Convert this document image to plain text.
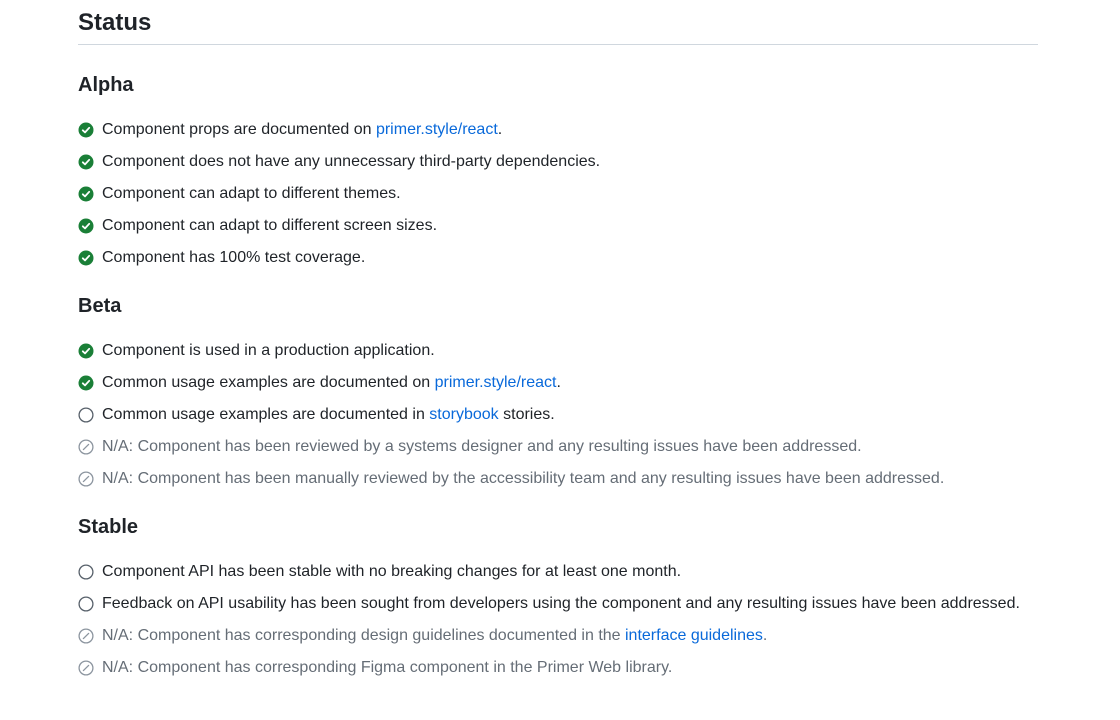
Status
Alpha
Component props are documented on primer.style/react.
Component does not have any unnecessary third-party dependencies.
Component can adapt to different themes.
Component can adapt to different screen sizes.
Component has 100% test coverage.
Beta
Component is used in a production application.
Common usage examples are documented on primer.style/react.
Common usage examples are documented in storybook stories.
N/A: Component has been reviewed by a systems designer and any resulting issues have been addressed.
N/A: Component has been manually reviewed by the accessibility team and any resulting issues have been addressed.
Stable
Component API has been stable with no breaking changes for at least one month.
Feedback on API usability has been sought from developers using the component and any resulting issues have been addressed.
N/A: Component has corresponding design guidelines documented in the interface guidelines.
N/A: Component has corresponding Figma component in the Primer Web library.
